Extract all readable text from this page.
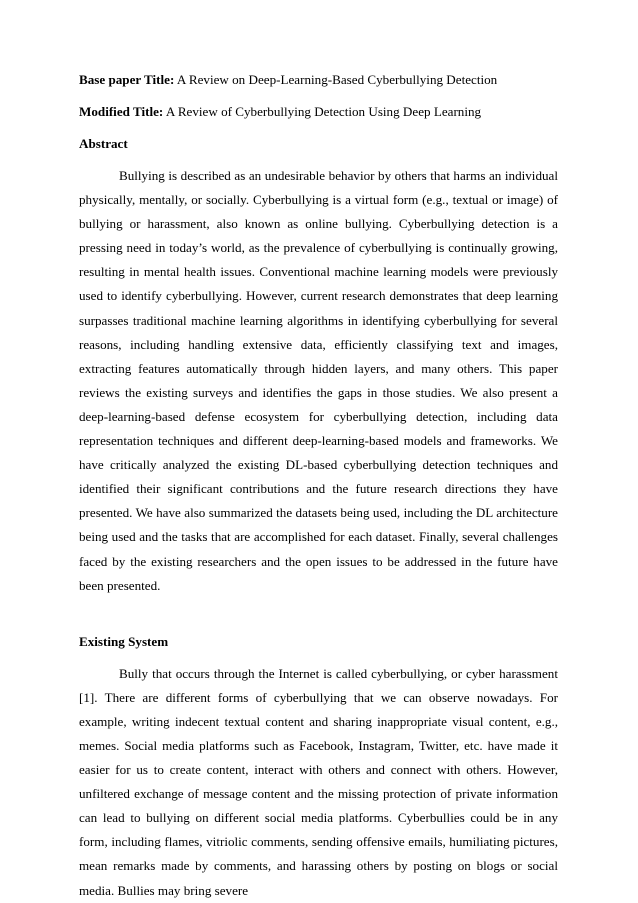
Base paper Title: A Review on Deep-Learning-Based Cyberbullying Detection

Modified Title: A Review of Cyberbullying Detection Using Deep Learning

Abstract

Bullying is described as an undesirable behavior by others that harms an individual physically, mentally, or socially. Cyberbullying is a virtual form (e.g., textual or image) of bullying or harassment, also known as online bullying. Cyberbullying detection is a pressing need in today’s world, as the prevalence of cyberbullying is continually growing, resulting in mental health issues. Conventional machine learning models were previously used to identify cyberbullying. However, current research demonstrates that deep learning surpasses traditional machine learning algorithms in identifying cyberbullying for several reasons, including handling extensive data, efficiently classifying text and images, extracting features automatically through hidden layers, and many others. This paper reviews the existing surveys and identifies the gaps in those studies. We also present a deep-learning-based defense ecosystem for cyberbullying detection, including data representation techniques and different deep-learning-based models and frameworks. We have critically analyzed the existing DL-based cyberbullying detection techniques and identified their significant contributions and the future research directions they have presented. We have also summarized the datasets being used, including the DL architecture being used and the tasks that are accomplished for each dataset. Finally, several challenges faced by the existing researchers and the open issues to be addressed in the future have been presented.

Existing System

Bully that occurs through the Internet is called cyberbullying, or cyber harassment [1]. There are different forms of cyberbullying that we can observe nowadays. For example, writing indecent textual content and sharing inappropriate visual content, e.g., memes. Social media platforms such as Facebook, Instagram, Twitter, etc. have made it easier for us to create content, interact with others and connect with others. However, unfiltered exchange of message content and the missing protection of private information can lead to bullying on different social media platforms. Cyberbullies could be in any form, including flames, vitriolic comments, sending offensive emails, humiliating pictures, mean remarks made by comments, and harassing others by posting on blogs or social media. Bullies may bring severe
